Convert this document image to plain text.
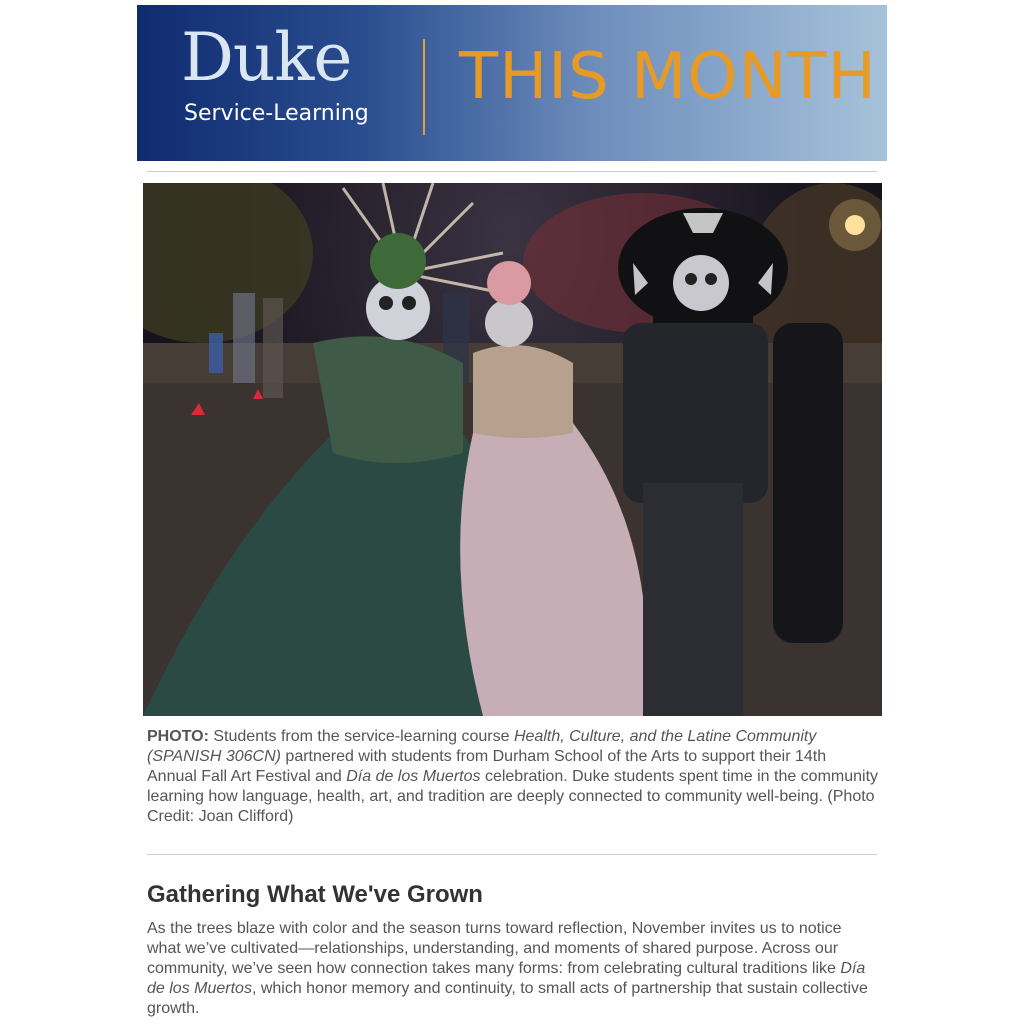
Duke
Service-Learning THIS MONTH
PHOTO: Students from the service-learning course Health, Culture, and the Latine Community (SPANISH 306CN) partnered with students from Durham School of the Arts to support their 14th Annual Fall Art Festival and Día de los Muertos celebration. Duke students spent time in the community learning how language, health, art, and tradition are deeply connected to community well-being. (Photo Credit: Joan Clifford)
Gathering What We've Grown
As the trees blaze with color and the season turns toward reflection, November invites us to notice what we’ve cultivated—relationships, understanding, and moments of shared purpose. Across our community, we’ve seen how connection takes many forms: from celebrating cultural traditions like Día de los Muertos, which honor memory and continuity, to small acts of partnership that sustain collective growth.
